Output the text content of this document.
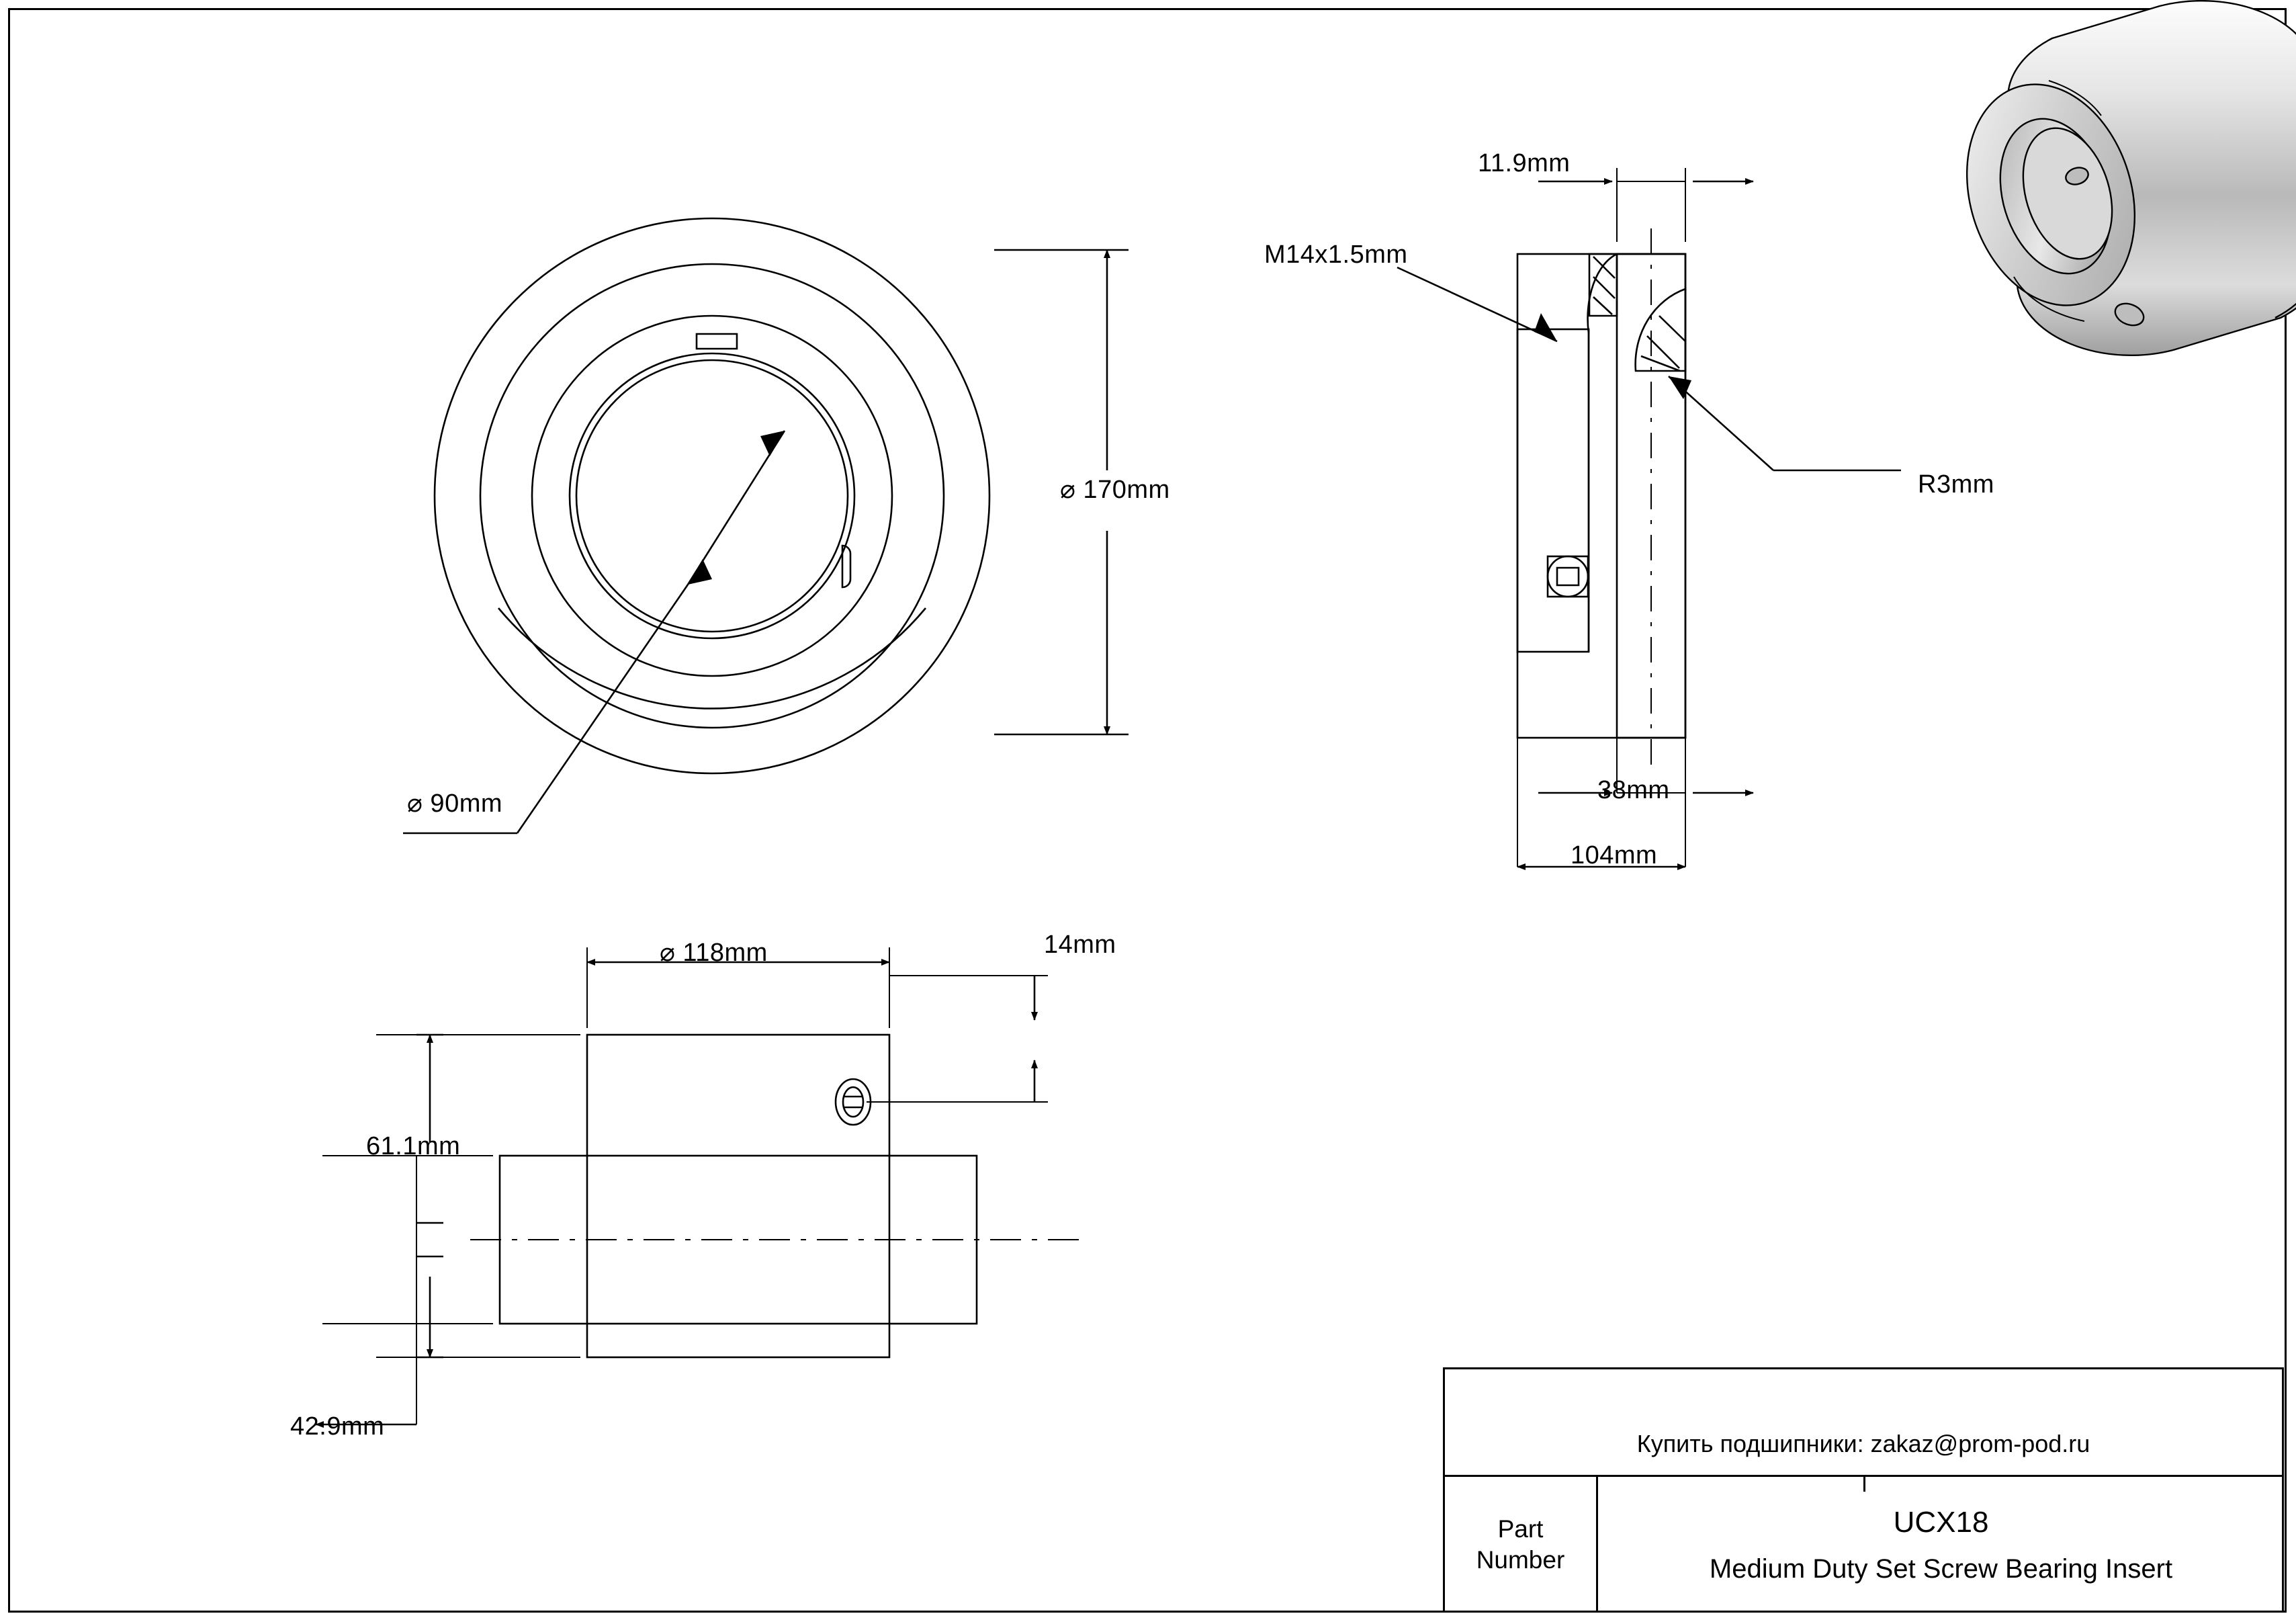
⌀ 170mm
⌀ 90mm
11.9mm
M14x1.5mm
R3mm
38mm
104mm
⌀ 118mm	14mm
61.1mm
42.9mm
Купить подшипники: zakaz@prom-pod.ru
Part
Number
UCX18
Medium Duty Set Screw Bearing Insert
